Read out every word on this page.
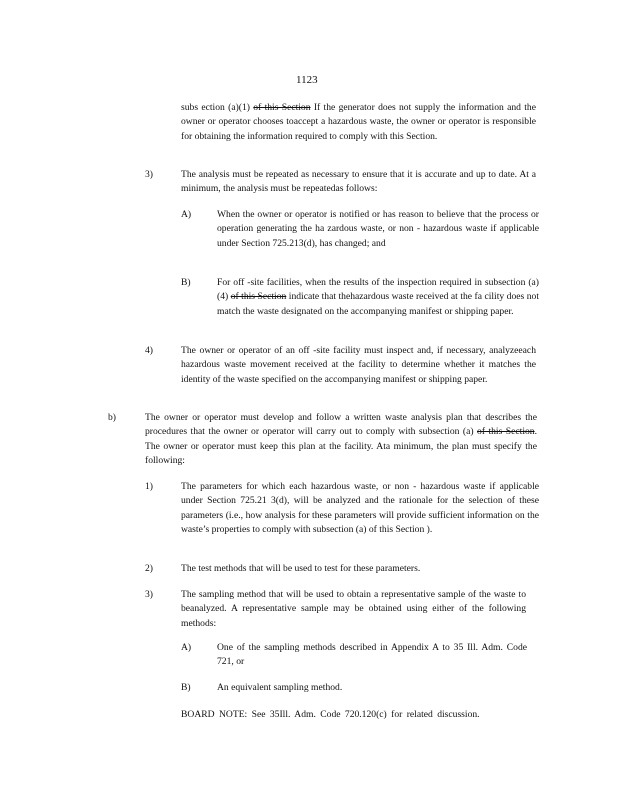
1123
subs ection (a)(1) of this Section If the generator does not supply the information and the owner or operator chooses toaccept a hazardous waste, the owner or operator is responsible for obtaining the information required to comply with this Section.
3)	The analysis must be repeated as necessary to ensure that it is accurate and up to date. At a minimum, the analysis must be repeatedas follows:
A)	When the owner or operator is notified or has reason to believe that the process or operation generating the ha zardous waste, or non - hazardous waste if applicable under Section 725.213(d), has changed; and
B)	For off -site facilities, when the results of the inspection required in subsection (a)(4) of this Section indicate that thehazardous waste received at the fa cility does not match the waste designated on the accompanying manifest or shipping paper.
4)	The owner or operator of an off -site facility must inspect and, if necessary, analyzeeach hazardous waste movement received at the facility to determine whether it matches the identity of the waste specified on the accompanying manifest or shipping paper.
b)	The owner or operator must develop and follow a written waste analysis plan that describes the procedures that the owner or operator will carry out to comply with subsection (a) of this Section. The owner or operator must keep this plan at the facility. Ata minimum, the plan must specify the following:
1)	The parameters for which each hazardous waste, or non - hazardous waste if applicable under Section 725.21 3(d), will be analyzed and the rationale for the selection of these parameters (i.e., how analysis for these parameters will provide sufficient information on the waste’s properties to comply with subsection (a) of this Section ).
2)	The test methods that will be used to test for these parameters.
3)	The sampling method that will be used to obtain a representative sample of the waste to beanalyzed. A representative sample may be obtained using either of the following methods:
A)	One of the sampling methods described in Appendix A to 35 Ill. Adm. Code 721, or
B)	An equivalent sampling method.
BOARD NOTE: See 35Ill. Adm. Code 720.120(c) for related discussion.
